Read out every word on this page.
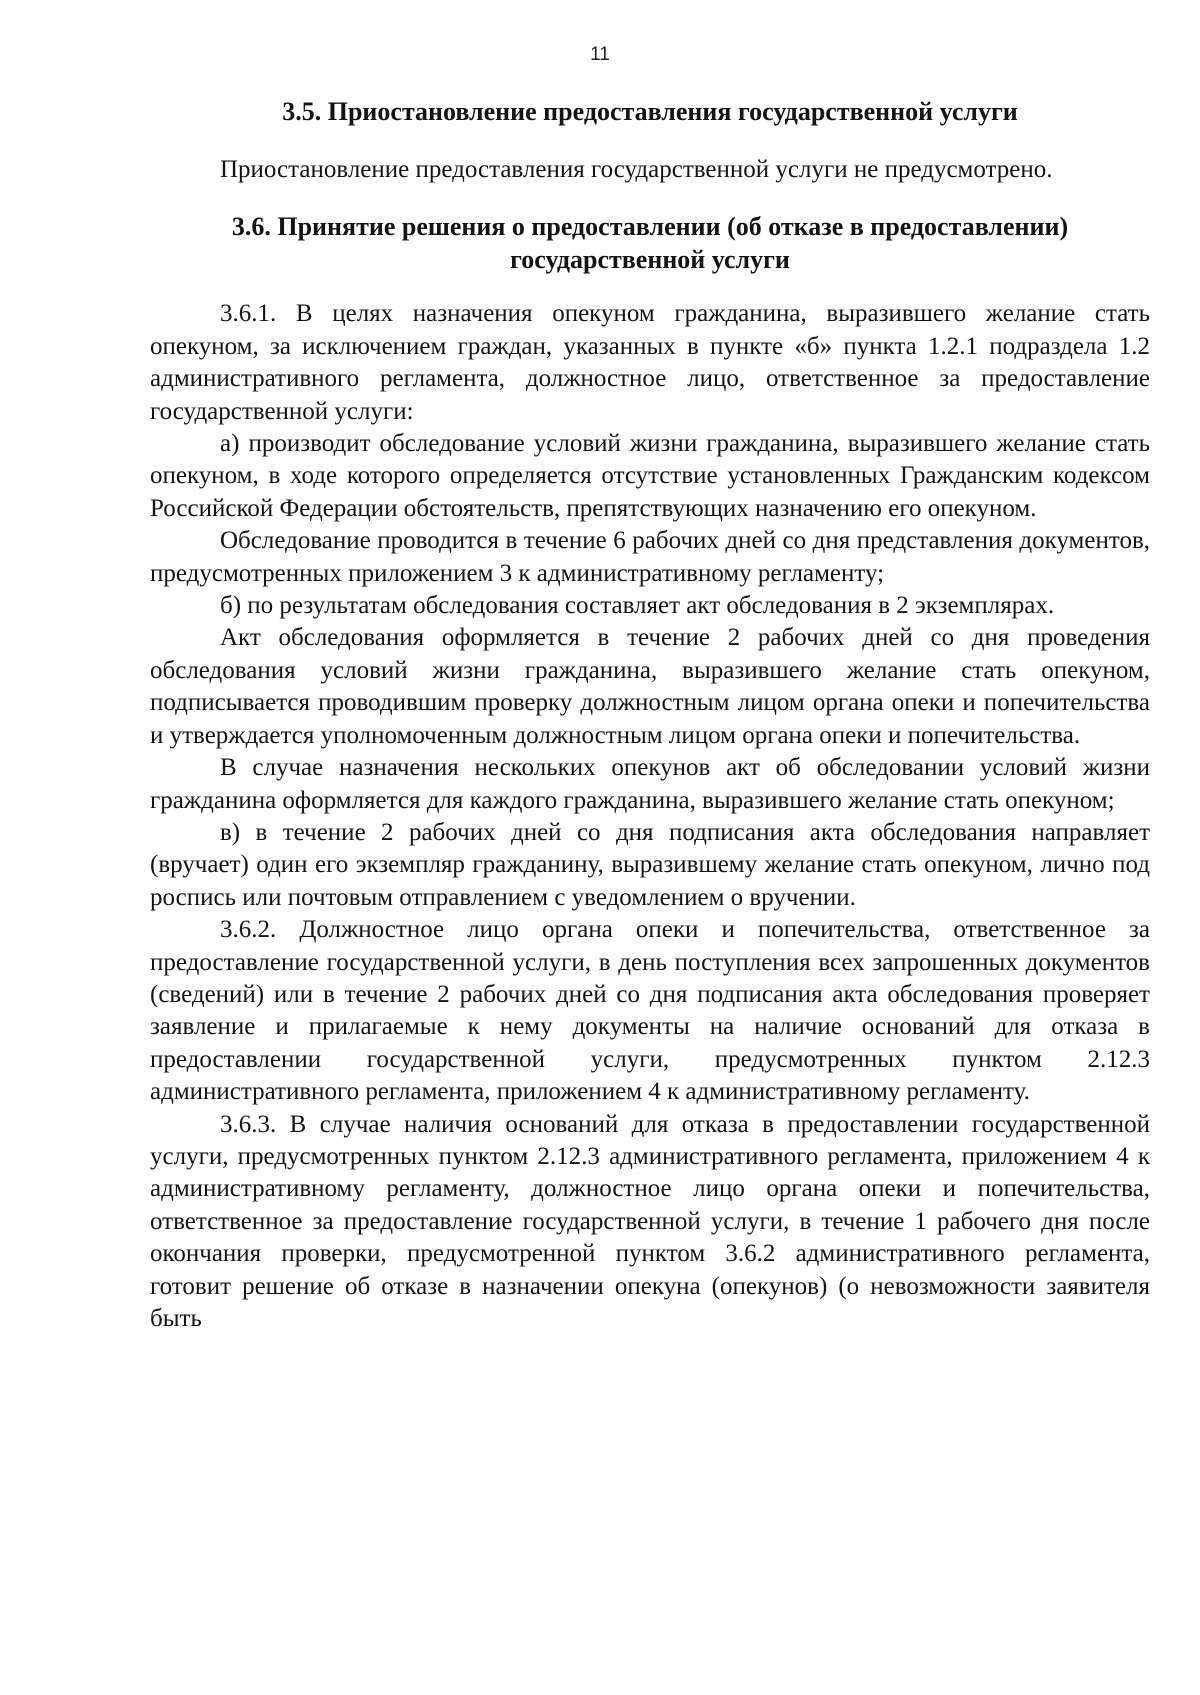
11
3.5. Приостановление предоставления государственной услуги

Приостановление предоставления государственной услуги не предусмотрено.

3.6. Принятие решения о предоставлении (об отказе в предоставлении)
государственной услуги

3.6.1. В целях назначения опекуном гражданина, выразившего желание стать опекуном, за исключением граждан, указанных в пункте «б» пункта 1.2.1 подраздела 1.2 административного регламента, должностное лицо, ответственное за предоставление государственной услуги:

а) производит обследование условий жизни гражданина, выразившего желание стать опекуном, в ходе которого определяется отсутствие установленных Гражданским кодексом Российской Федерации обстоятельств, препятствующих назначению его опекуном.

Обследование проводится в течение 6 рабочих дней со дня представления документов, предусмотренных приложением 3 к административному регламенту;

б) по результатам обследования составляет акт обследования в 2 экземплярах.

Акт обследования оформляется в течение 2 рабочих дней со дня проведения обследования условий жизни гражданина, выразившего желание стать опекуном, подписывается проводившим проверку должностным лицом органа опеки и попечительства и утверждается уполномоченным должностным лицом органа опеки и попечительства.

В случае назначения нескольких опекунов акт об обследовании условий жизни гражданина оформляется для каждого гражданина, выразившего желание стать опекуном;

в) в течение 2 рабочих дней со дня подписания акта обследования направляет (вручает) один его экземпляр гражданину, выразившему желание стать опекуном, лично под роспись или почтовым отправлением с уведомлением о вручении.

3.6.2. Должностное лицо органа опеки и попечительства, ответственное за предоставление государственной услуги, в день поступления всех запрошенных документов (сведений) или в течение 2 рабочих дней со дня подписания акта обследования проверяет заявление и прилагаемые к нему документы на наличие оснований для отказа в предоставлении государственной услуги, предусмотренных пунктом 2.12.3 административного регламента, приложением 4 к административному регламенту.

3.6.3. В случае наличия оснований для отказа в предоставлении государственной услуги, предусмотренных пунктом 2.12.3 административного регламента, приложением 4 к административному регламенту, должностное лицо органа опеки и попечительства, ответственное за предоставление государственной услуги, в течение 1 рабочего дня после окончания проверки, предусмотренной пунктом 3.6.2 административного регламента, готовит решение об отказе в назначении опекуна (опекунов) (о невозможности заявителя быть
